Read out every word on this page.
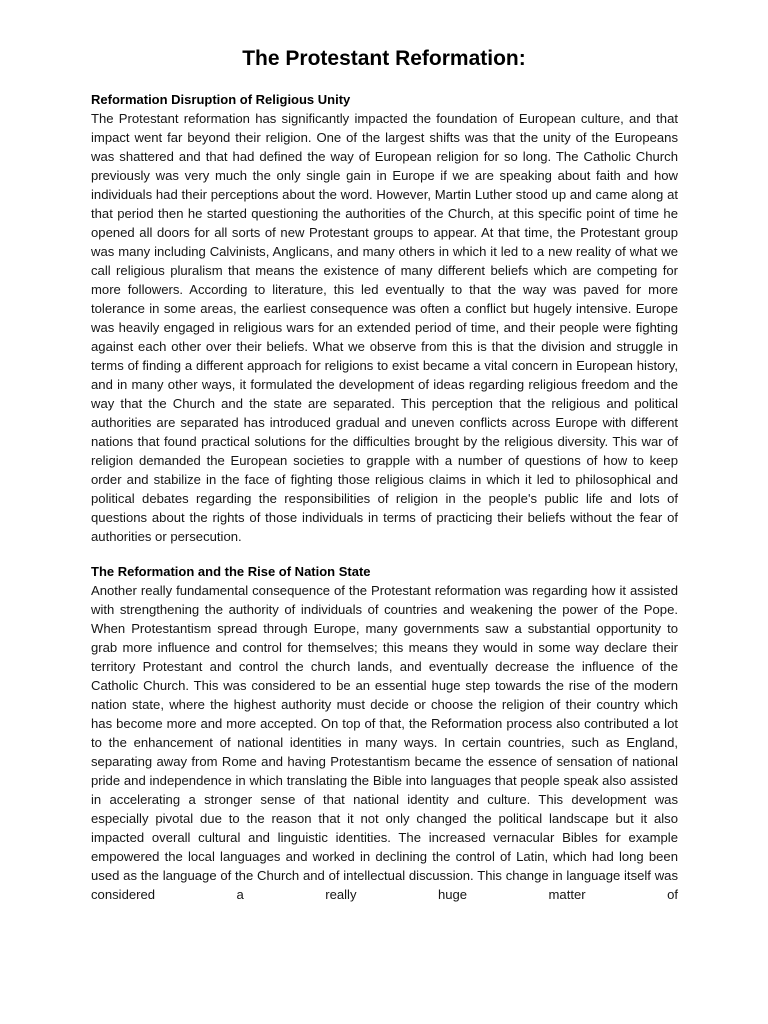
The Protestant Reformation:
Reformation Disruption of Religious Unity

The Protestant reformation has significantly impacted the foundation of European culture, and that impact went far beyond their religion. One of the largest shifts was that the unity of the Europeans was shattered and that had defined the way of European religion for so long. The Catholic Church previously was very much the only single gain in Europe if we are speaking about faith and how individuals had their perceptions about the word. However, Martin Luther stood up and came along at that period then he started questioning the authorities of the Church, at this specific point of time he opened all doors for all sorts of new Protestant groups to appear. At that time, the Protestant group was many including Calvinists, Anglicans, and many others in which it led to a new reality of what we call religious pluralism that means the existence of many different beliefs which are competing for more followers. According to literature, this led eventually to that the way was paved for more tolerance in some areas, the earliest consequence was often a conflict but hugely intensive. Europe was heavily engaged in religious wars for an extended period of time, and their people were fighting against each other over their beliefs. What we observe from this is that the division and struggle in terms of finding a different approach for religions to exist became a vital concern in European history, and in many other ways, it formulated the development of ideas regarding religious freedom and the way that the Church and the state are separated. This perception that the religious and political authorities are separated has introduced gradual and uneven conflicts across Europe with different nations that found practical solutions for the difficulties brought by the religious diversity. This war of religion demanded the European societies to grapple with a number of questions of how to keep order and stabilize in the face of fighting those religious claims in which it led to philosophical and political debates regarding the responsibilities of religion in the people's public life and lots of questions about the rights of those individuals in terms of practicing their beliefs without the fear of authorities or persecution.

The Reformation and the Rise of Nation State

Another really fundamental consequence of the Protestant reformation was regarding how it assisted with strengthening the authority of individuals of countries and weakening the power of the Pope. When Protestantism spread through Europe, many governments saw a substantial opportunity to grab more influence and control for themselves; this means they would in some way declare their territory Protestant and control the church lands, and eventually decrease the influence of the Catholic Church. This was considered to be an essential huge step towards the rise of the modern nation state, where the highest authority must decide or choose the religion of their country which has become more and more accepted. On top of that, the Reformation process also contributed a lot to the enhancement of national identities in many ways. In certain countries, such as England, separating away from Rome and having Protestantism became the essence of sensation of national pride and independence in which translating the Bible into languages that people speak also assisted in accelerating a stronger sense of that national identity and culture. This development was especially pivotal due to the reason that it not only changed the political landscape but it also impacted overall cultural and linguistic identities. The increased vernacular Bibles for example empowered the local languages and worked in declining the control of Latin, which had long been used as the language of the Church and of intellectual discussion. This change in language itself was considered a really huge matter of
